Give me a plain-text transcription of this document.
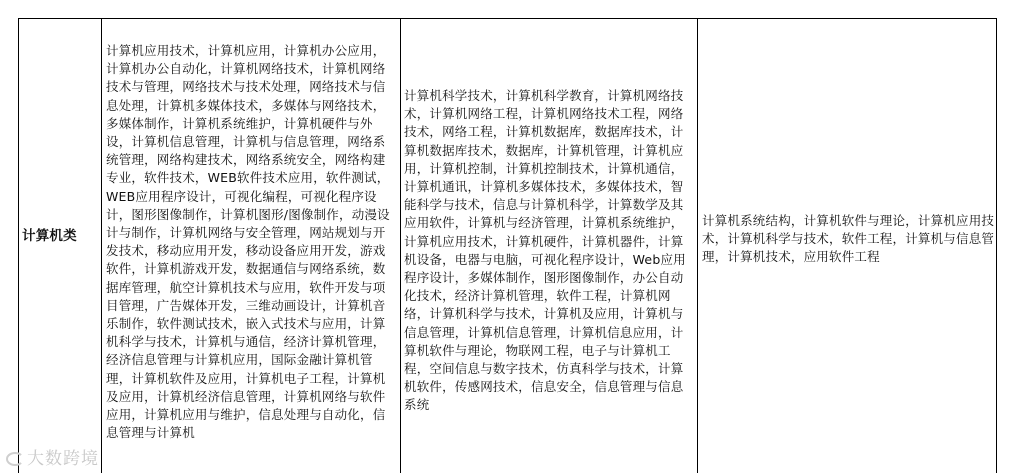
计算机类
计算机应用技术，计算机应用，计算机办公应用，计算机办公自动化，计算机网络技术，计算机网络技术与管理，网络技术与技术处理，网络技术与信息处理，计算机多媒体技术，多媒体与网络技术，多媒体制作，计算机系统维护，计算机硬件与外设，计算机信息管理，计算机与信息管理，网络系统管理，网络构建技术，网络系统安全，网络构建专业，软件技术，WEB软件技术应用，软件测试，WEB应用程序设计，可视化编程，可视化程序设计，图形图像制作，计算机图形/图像制作，动漫设计与制作，计算机网络与安全管理，网站规划与开发技术，移动应用开发，移动设备应用开发，游戏软件，计算机游戏开发，数据通信与网络系统，数据库管理，航空计算机技术与应用，软件开发与项目管理，广告媒体开发，三维动画设计，计算机音乐制作，软件测试技术，嵌入式技术与应用，计算机科学与技术，计算机与通信，经济计算机管理，经济信息管理与计算机应用，国际金融计算机管理，计算机软件及应用，计算机电子工程，计算机及应用，计算机经济信息管理，计算机网络与软件应用，计算机应用与维护，信息处理与自动化，信息管理与计算机
计算机科学技术，计算机科学教育，计算机网络技术，计算机网络工程，计算机网络技术工程，网络技术，网络工程，计算机数据库，数据库技术，计算机数据库技术，数据库，计算机管理，计算机应用，计算机控制，计算机控制技术，计算机通信，计算机通讯，计算机多媒体技术，多媒体技术，智能科学与技术，信息与计算机科学，计算数学及其应用软件，计算机与经济管理，计算机系统维护，计算机应用技术，计算机硬件，计算机器件，计算机设备，电器与电脑，可视化程序设计，Web应用程序设计，多媒体制作，图形图像制作，办公自动化技术，经济计算机管理，软件工程，计算机网络，计算机科学与技术，计算机及应用，计算机与信息管理，计算机信息管理，计算机信息应用，计算机软件与理论，物联网工程，电子与计算机工程，空间信息与数字技术，仿真科学与技术，计算机软件，传感网技术，信息安全，信息管理与信息系统
计算机系统结构，计算机软件与理论，计算机应用技术，计算机科学与技术，软件工程，计算机与信息管理，计算机技术，应用软件工程
大数跨境
